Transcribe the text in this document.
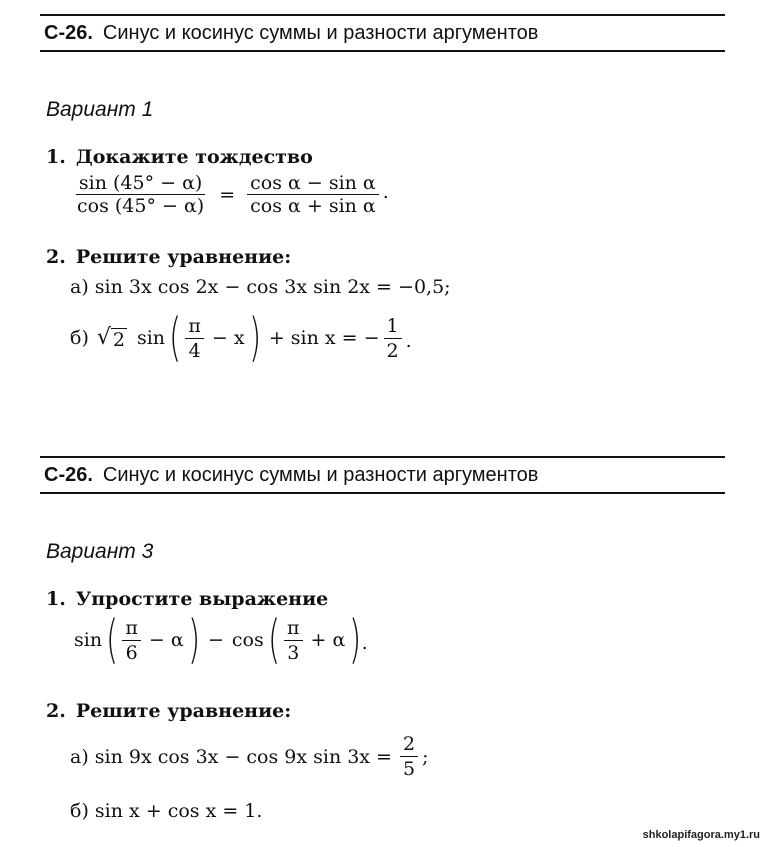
С-26. Синус и косинус суммы и разности аргументов
Вариант 1
1. Докажите тождество
$\frac{\sin (45^\circ - \alpha)}{\cos (45^\circ - \alpha)} = \frac{\text{cos α − sin α}}{\text{cos α + sin α}}$ .
2. Решите уравнение:
а) sin 3x cos 2x − cos 3x sin 2x = −0,5;
б) √ 2 sin ( $\frac{\pi}{4} - x$ ) + sin x = − $\frac{1}{2}$ .
С-26. Синус и косинус суммы и разности аргументов
Вариант 3
1. Упростите выражение
sin ( $\frac{\pi}{6} - \alpha$ ) − cos ( $\frac{\pi}{3} + \alpha$ ) .
2. Решите уравнение:
а) sin 9x cos 3x − cos 9x $\sin 3x = \frac{2}{5}$ ;
б) sin x + cos x = 1.
shkolapifagora.my1.ru
